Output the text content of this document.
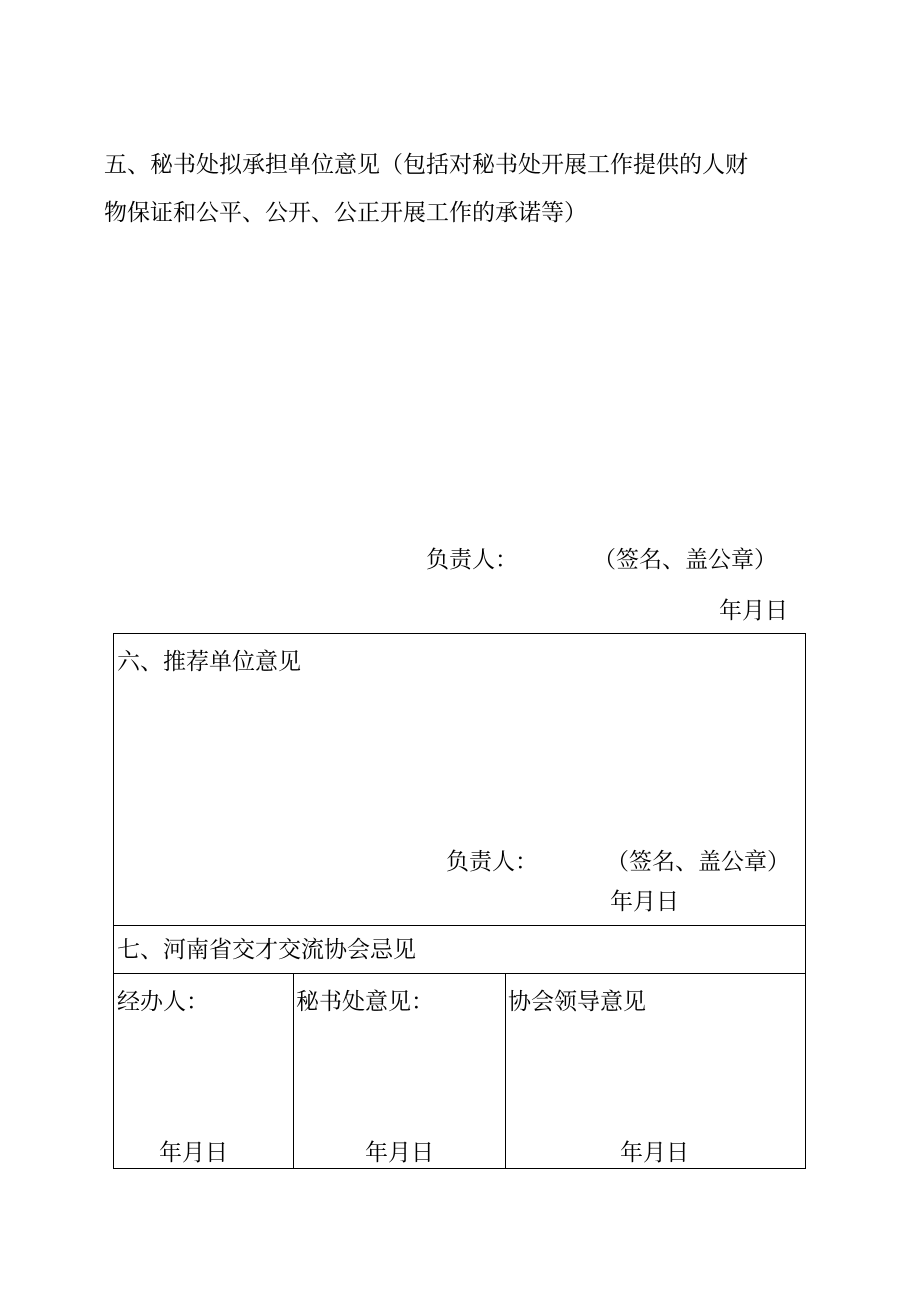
五、秘书处拟承担单位意见（包括对秘书处开展工作提供的人财
物保证和公平、公开、公正开展工作的承诺等）
负责人：	（签名、盖公章）
年月日
六、推荐单位意见
负责人：	（签名、盖公章）
年月日
七、河南省交才交流协会忌见
经办人：
年月日
秘书处意见：
年月日
协会领导意见
年月日
